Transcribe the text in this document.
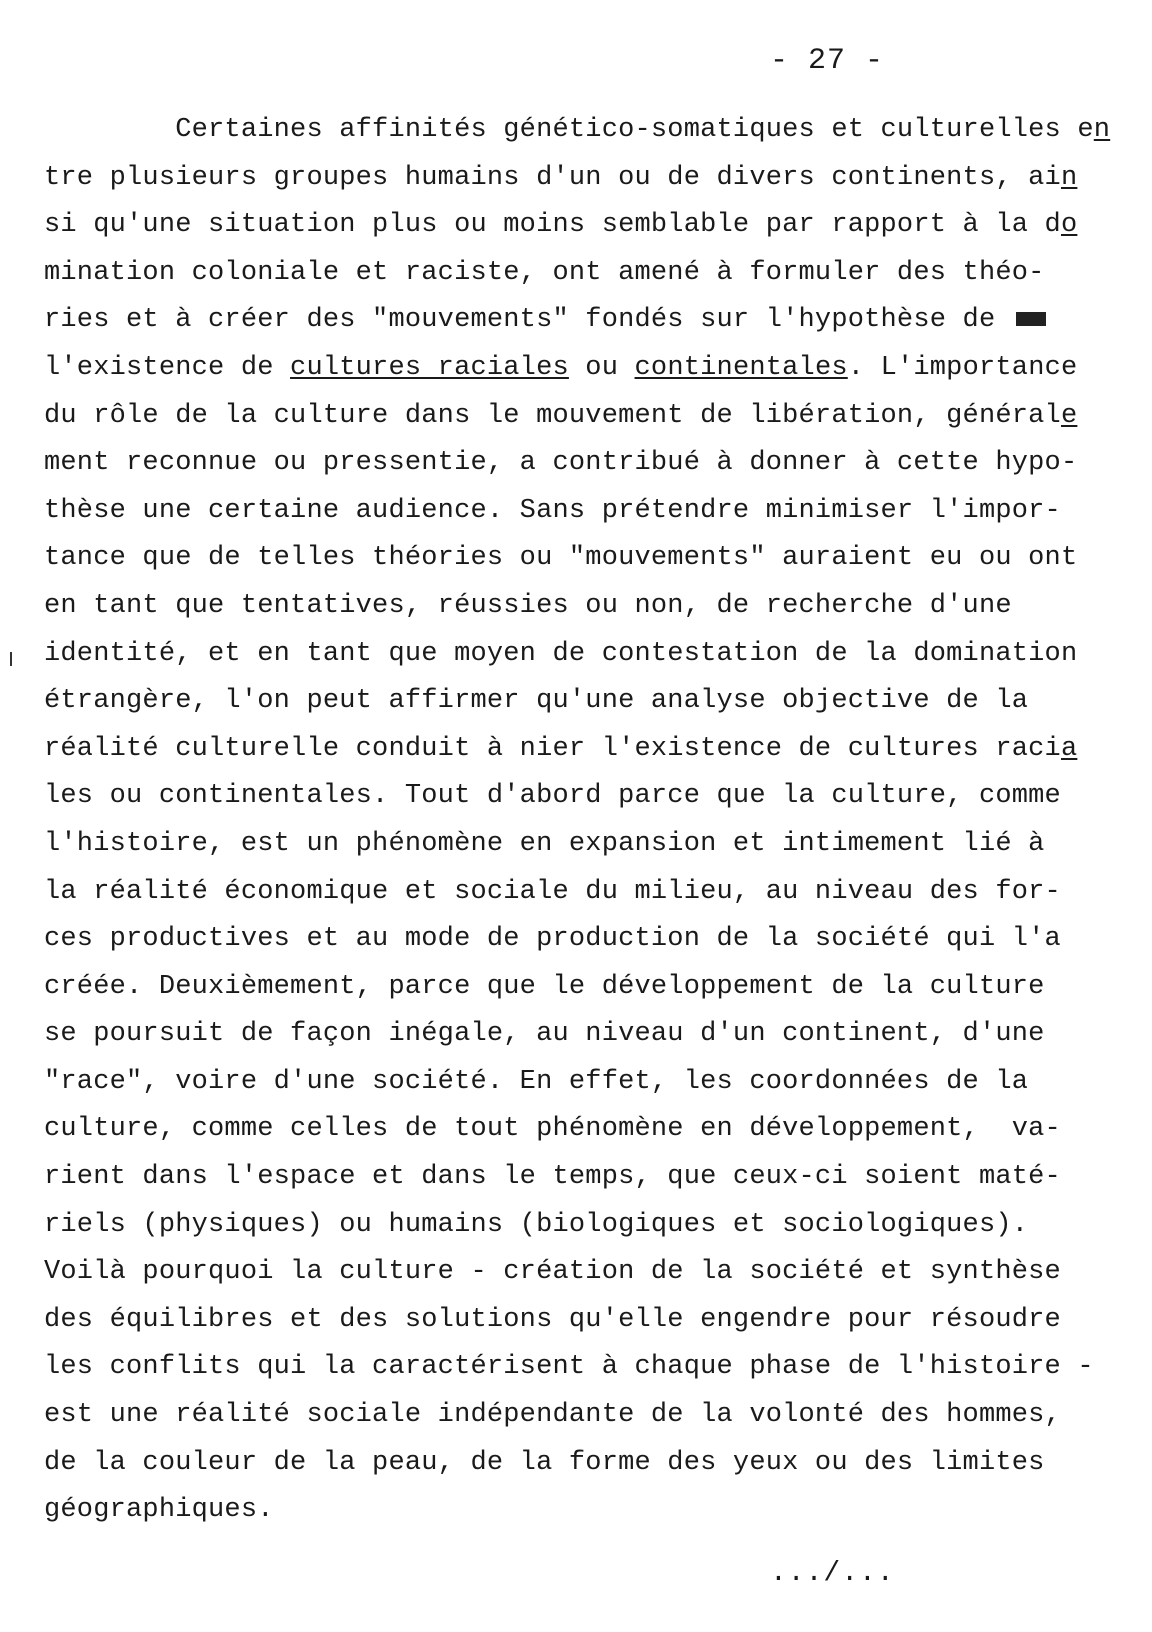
- 27 -
Certaines affinités génético-somatiques et culturelles en
tre plusieurs groupes humains d'un ou de divers continents, ain
si qu'une situation plus ou moins semblable par rapport à la do
mination coloniale et raciste, ont amené à formuler des théo-
ries et à créer des "mouvements" fondés sur l'hypothèse de
l'existence de cultures raciales ou continentales. L'importance
du rôle de la culture dans le mouvement de libération, générale
ment reconnue ou pressentie, a contribué à donner à cette hypo-
thèse une certaine audience. Sans prétendre minimiser l'impor-
tance que de telles théories ou "mouvements" auraient eu ou ont
en tant que tentatives, réussies ou non, de recherche d'une
identité, et en tant que moyen de contestation de la domination
étrangère, l'on peut affirmer qu'une analyse objective de la
réalité culturelle conduit à nier l'existence de cultures racia
les ou continentales. Tout d'abord parce que la culture, comme
l'histoire, est un phénomène en expansion et intimement lié à
la réalité économique et sociale du milieu, au niveau des for-
ces productives et au mode de production de la société qui l'a
créée. Deuxièmement, parce que le développement de la culture
se poursuit de façon inégale, au niveau d'un continent, d'une
"race", voire d'une société. En effet, les coordonnées de la
culture, comme celles de tout phénomène en développement,  va-
rient dans l'espace et dans le temps, que ceux-ci soient maté-
riels (physiques) ou humains (biologiques et sociologiques).
Voilà pourquoi la culture - création de la société et synthèse
des équilibres et des solutions qu'elle engendre pour résoudre
les conflits qui la caractérisent à chaque phase de l'histoire -
est une réalité sociale indépendante de la volonté des hommes,
de la couleur de la peau, de la forme des yeux ou des limites
géographiques.
.../...
